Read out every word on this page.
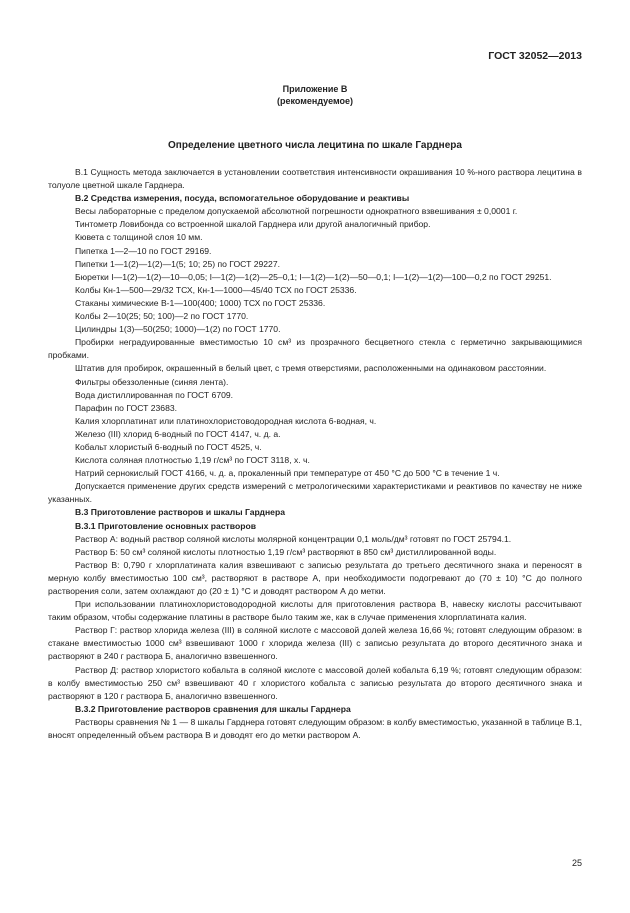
ГОСТ 32052—2013
Приложение В
(рекомендуемое)
Определение цветного числа лецитина по шкале Гарднера

В.1 Сущность метода заключается в установлении соответствия интенсивности окрашивания 10 %-ного раствора лецитина в толуоле цветной шкале Гарднера.

В.2 Средства измерения, посуда, вспомогательное оборудование и реактивы

Весы лабораторные с пределом допускаемой абсолютной погрешности однократного взвешивания ± 0,0001 г.

Тинтометр Ловибонда со встроенной шкалой Гарднера или другой аналогичный прибор.

Кювета с толщиной слоя 10 мм.

Пипетка 1—2—10 по ГОСТ 29169.

Пипетки 1—1(2)—1(2)—1(5; 10; 25) по ГОСТ 29227.

Бюретки I—1(2)—1(2)—10—0,05; I—1(2)—1(2)—25–0,1; I—1(2)—1(2)—50—0,1; I—1(2)—1(2)—100—0,2 по ГОСТ 29251.

Колбы Кн-1—500—29/32 ТСХ, Кн-1—1000—45/40 ТСХ по ГОСТ 25336.

Стаканы химические В-1—100(400; 1000) ТСХ по ГОСТ 25336.

Колбы 2—10(25; 50; 100)—2 по ГОСТ 1770.

Цилиндры 1(3)—50(250; 1000)—1(2) по ГОСТ 1770.

Пробирки неградуированные вместимостью 10 см³ из прозрачного бесцветного стекла с герметично закрывающимися пробками.

Штатив для пробирок, окрашенный в белый цвет, с тремя отверстиями, расположенными на одинаковом расстоянии.

Фильтры обеззоленные (синяя лента).

Вода дистиллированная по ГОСТ 6709.

Парафин по ГОСТ 23683.

Калия хлорплатинат или платинохлористоводородная кислота 6-водная, ч.

Железо (III) хлорид 6-водный по ГОСТ 4147, ч. д. а.

Кобальт хлористый 6-водный по ГОСТ 4525, ч.

Кислота соляная плотностью 1,19 г/см³ по ГОСТ 3118, х. ч.

Натрий сернокислый ГОСТ 4166, ч. д. а, прокаленный при температуре от 450 °С до 500 °С в течение 1 ч.

Допускается применение других средств измерений с метрологическими характеристиками и реактивов по качеству не ниже указанных.

В.3 Приготовление растворов и шкалы Гарднера

В.3.1 Приготовление основных растворов

Раствор А: водный раствор соляной кислоты молярной концентрации 0,1 моль/дм³ готовят по ГОСТ 25794.1.

Раствор Б: 50 см³ соляной кислоты плотностью 1,19 г/см³ растворяют в 850 см³ дистиллированной воды.

Раствор В: 0,790 г хлорплатината калия взвешивают с записью результата до третьего десятичного знака и переносят в мерную колбу вместимостью 100 см³, растворяют в растворе А, при необходимости подогревают до (70 ± 10) °С до полного растворения соли, затем охлаждают до (20 ± 1) °С и доводят раствором А до метки.

При использовании платинохлористоводородной кислоты для приготовления раствора В, навеску кислоты рассчитывают таким образом, чтобы содержание платины в растворе было таким же, как в случае применения хлорплатината калия.

Раствор Г: раствор хлорида железа (III) в соляной кислоте с массовой долей железа 16,66 %; готовят следующим образом: в стакане вместимостью 1000 см³ взвешивают 1000 г хлорида железа (III) с записью результата до второго десятичного знака и растворяют в 240 г раствора Б, аналогично взвешенного.

Раствор Д: раствор хлористого кобальта в соляной кислоте с массовой долей кобальта 6,19 %; готовят следующим образом: в колбу вместимостью 250 см³ взвешивают 40 г хлористого кобальта с записью результата до второго десятичного знака и растворяют в 120 г раствора Б, аналогично взвешенного.

В.3.2 Приготовление растворов сравнения для шкалы Гарднера

Растворы сравнения № 1 — 8 шкалы Гарднера готовят следующим образом: в колбу вместимостью, указанной в таблице В.1, вносят определенный объем раствора В и доводят его до метки раствором А.

25
